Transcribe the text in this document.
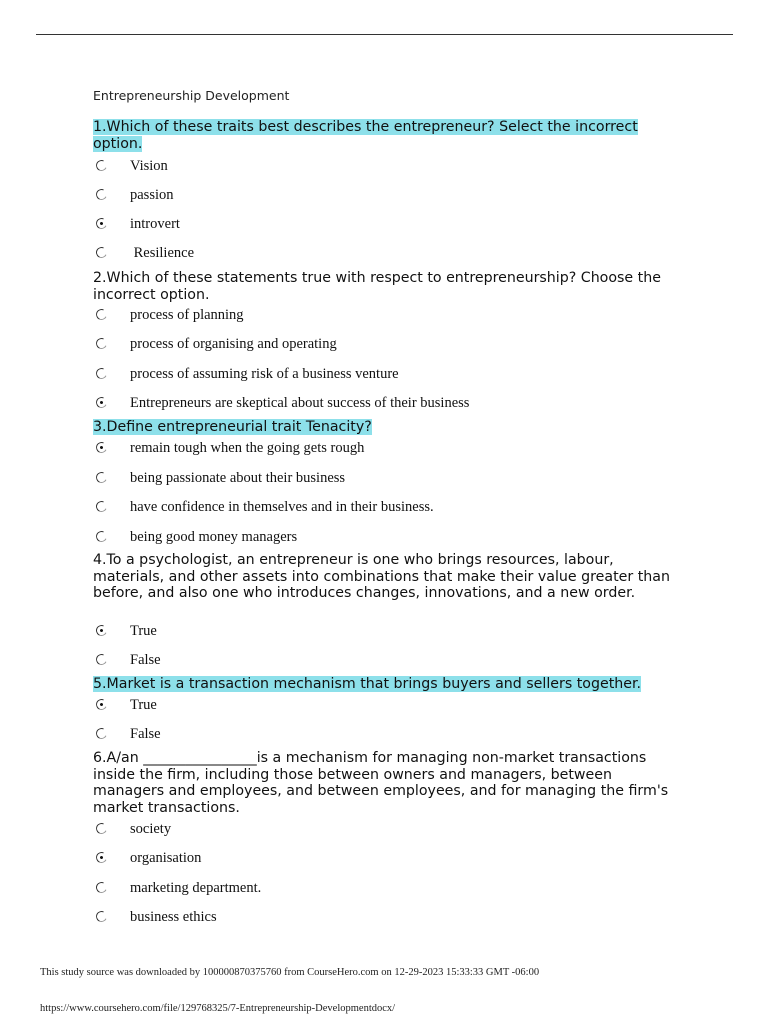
Entrepreneurship Development
1.Which of these traits best describes the entrepreneur? Select the incorrect option.
Vision
passion
introvert
Resilience
2.Which of these statements true with respect to entrepreneurship? Choose the incorrect option.
process of planning
process of organising and operating
process of assuming risk of a business venture
Entrepreneurs are skeptical about success of their business
3.Define entrepreneurial trait Tenacity?
remain tough when the going gets rough
being passionate about their business
have confidence in themselves and in their business.
being good money managers
4.To a psychologist, an entrepreneur is one who brings resources, labour, materials, and other assets into combinations that make their value greater than before, and also one who introduces changes, innovations, and a new order.
True
False
5.Market is a transaction mechanism that brings buyers and sellers together.
True
False
6.A/an ________________is a mechanism for managing non-market transactions inside the firm, including those between owners and managers, between managers and employees, and between employees, and for managing the firm's market transactions.
society
organisation
marketing department.
business ethics
This study source was downloaded by 100000870375760 from CourseHero.com on 12-29-2023 15:33:33 GMT -06:00
https://www.coursehero.com/file/129768325/7-Entrepreneurship-Developmentdocx/
